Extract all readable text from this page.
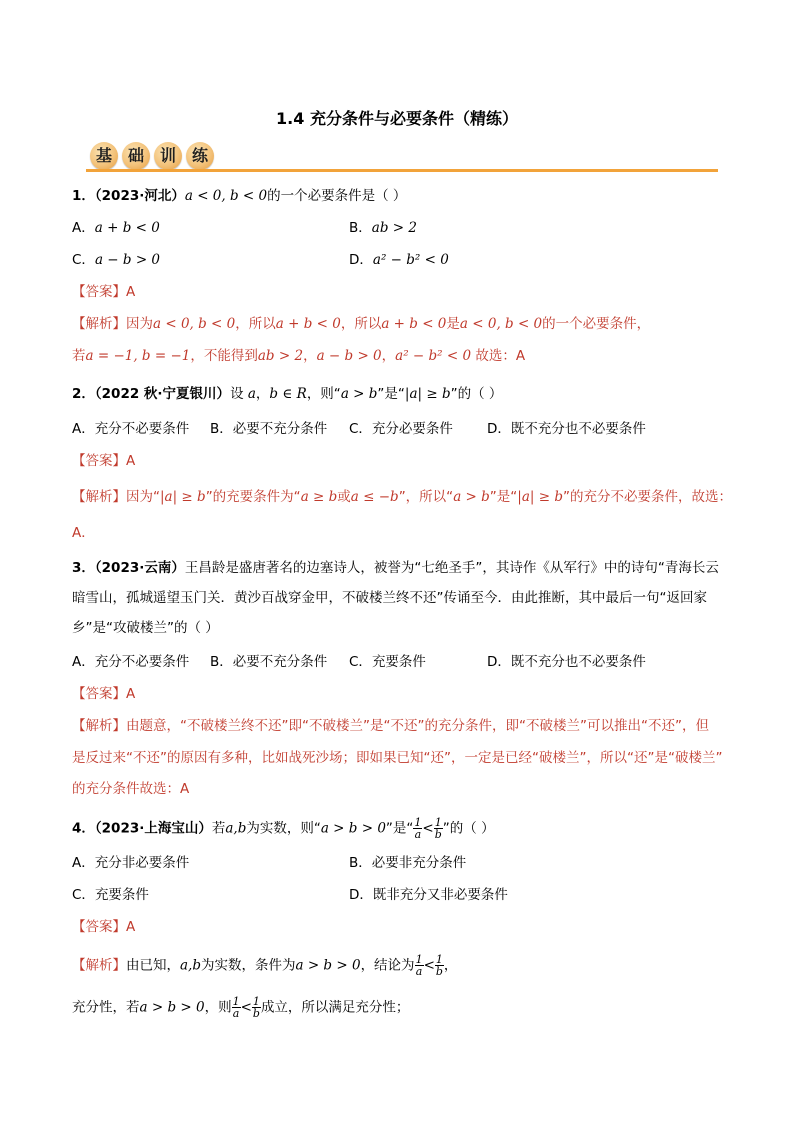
1.4 充分条件与必要条件（精练）
基 础 训 练
1．（2023·河北）a < 0, b < 0的一个必要条件是（ ）
A．a + b < 0	B．ab > 2
C．a − b > 0	D．a² − b² < 0
【答案】A
【解析】因为a < 0, b < 0，所以a + b < 0，所以a + b < 0是a < 0, b < 0的一个必要条件，
若a = −1, b = −1，不能得到ab > 2，a − b > 0，a² − b² < 0 故选：A
2．（2022 秋·宁夏银川）设 a，b ∈ R，则“a > b”是“|a| ≥ b”的（ ）
A．充分不必要条件 B．必要不充分条件 C．充分必要条件	D．既不充分也不必要条件
【答案】A
【解析】因为“|a| ≥ b”的充要条件为“a ≥ b或a ≤ −b”，所以“a > b”是“|a| ≥ b”的充分不必要条件，故选：
A．
3．（2023·云南）王昌龄是盛唐著名的边塞诗人，被誉为“七绝圣手”，其诗作《从军行》中的诗句“青海长云
暗雪山，孤城遥望玉门关．黄沙百战穿金甲，不破楼兰终不还”传诵至今．由此推断，其中最后一句“返回家
乡”是“攻破楼兰”的（ ）
A．充分不必要条件 B．必要不充分条件 C．充要条件	D．既不充分也不必要条件
【答案】A
【解析】由题意，“不破楼兰终不还”即“不破楼兰”是“不还”的充分条件，即“不破楼兰”可以推出“不还”，但
是反过来“不还”的原因有多种，比如战死沙场；即如果已知“还”，一定是已经“破楼兰”，所以“还”是“破楼兰”
的充分条件故选：A
4．（2023·上海宝山）若a,b为实数，则“a > b > 0”是“ $\frac{1}{a} < \frac{1}{b}$ ”的（ ）
A．充分非必要条件	B．必要非充分条件
C．充要条件	D．既非充分又非必要条件
【答案】A
【解析】由已知，a,b为实数，条件为a > b > 0，结论为 $\frac{1}{a} < \frac{1}{b}$ ，
充分性，若a > b > 0，则 $\frac{1}{a} < \frac{1}{b}$ 成立，所以满足充分性；
